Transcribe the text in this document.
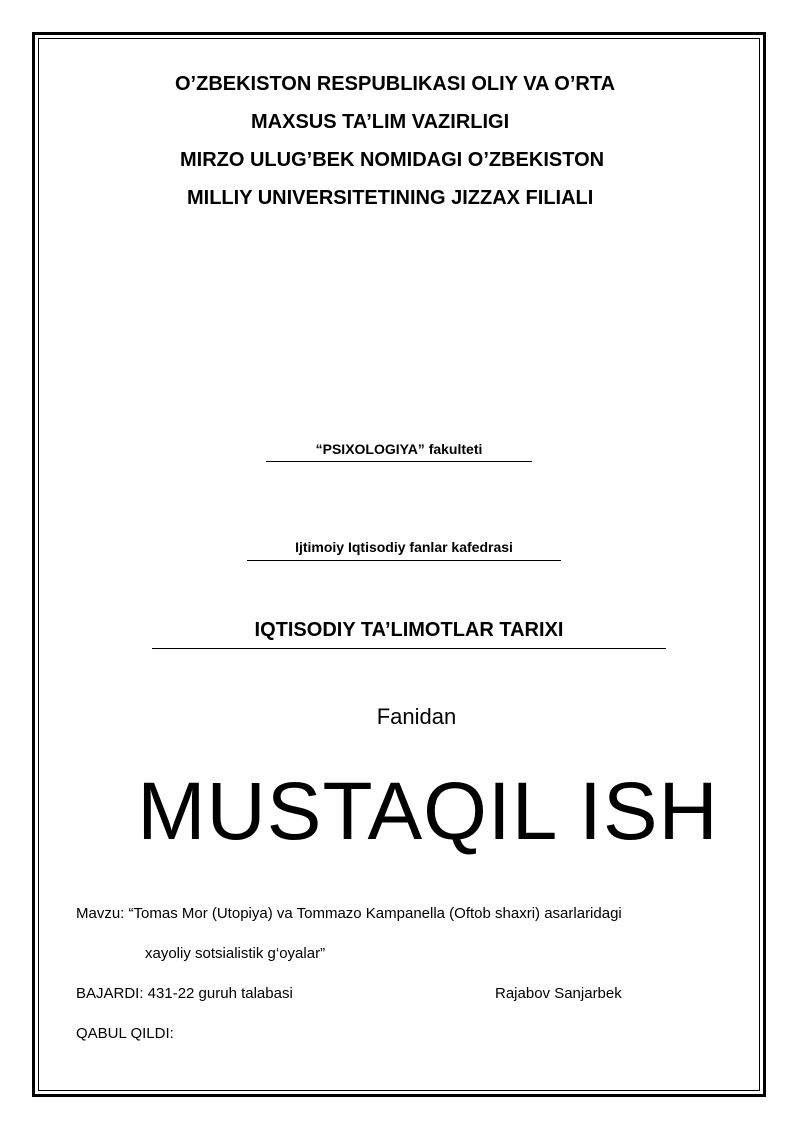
O’ZBEKISTON RESPUBLIKASI OLIY VA O’RTA
MAXSUS TA’LIM VAZIRLIGI
MIRZO ULUG’BEK NOMIDAGI O’ZBEKISTON
MILLIY UNIVERSITETINING JIZZAX FILIALI
“PSIXOLOGIYA” fakulteti
Ijtimoiy Iqtisodiy fanlar kafedrasi
IQTISODIY TA’LIMOTLAR TARIXI
Fanidan
MUSTAQIL ISH
Mavzu: “Tomas Mor (Utopiya) va Tommazo Kampanella (Oftob shaxri) asarlaridagi
xayoliy sotsialistik g‘oyalar”
BAJARDI: 431-22 guruh talabasi	Rajabov Sanjarbek
QABUL QILDI:
